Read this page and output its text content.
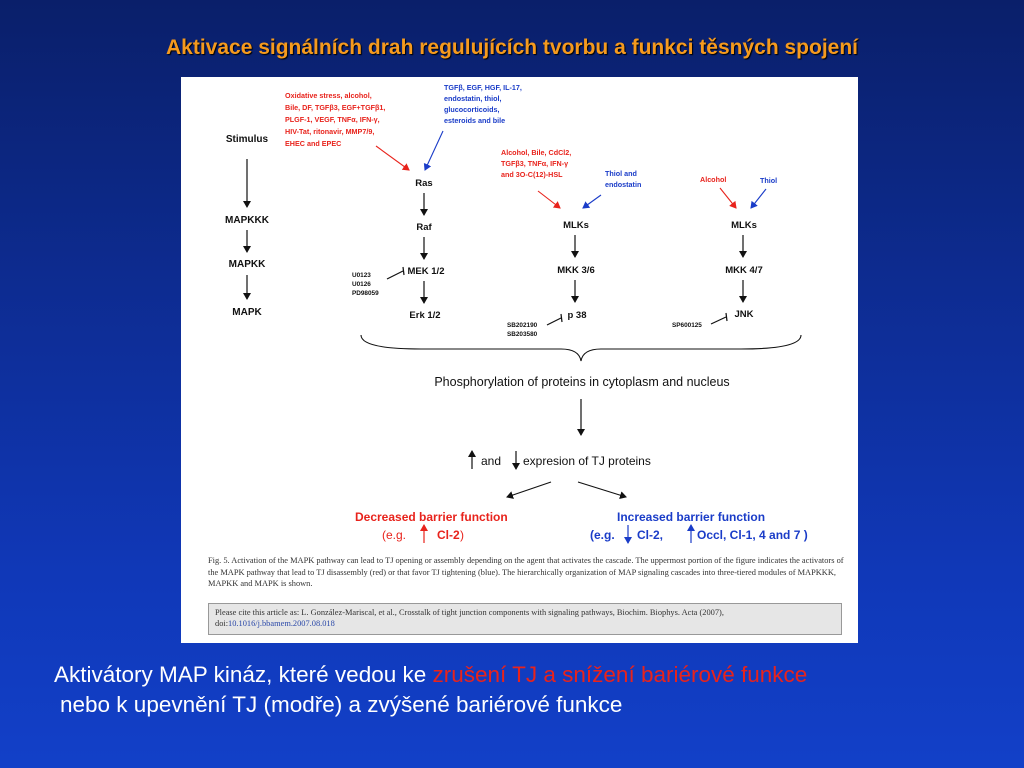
Aktivace signálních drah regulujících tvorbu a funkci těsných spojení
Stimulus
MAPKKK
MAPKK
MAPK
Oxidative stress, alcohol,
Bile, DF, TGFβ3, EGF+TGFβ1,
PLGF-1, VEGF, TNFα, IFN-γ,
HIV-Tat, ritonavir, MMP7/9,
EHEC and EPEC
TGFβ, EGF, HGF, IL-17,
endostatin, thiol,
glucocorticoids,
esteroids and bile
Ras
Raf
MEK 1/2
Erk 1/2
U0123
U0126
PD98059
Alcohol, Bile, CdCl2,
TGFβ3, TNFα, IFN-γ
and 3O-C(12)-HSL	Thiol and
endostatin
MLKs
MKK 3/6
p 38
SB202190
SB203580
Alcohol	Thiol
MLKs
MKK 4/7
JNK
SP600125
Phosphorylation of proteins in cytoplasm and nucleus
and expresion of TJ proteins
Decreased barrier function
(e.g.	Cl-2 )
Increased barrier function
(e.g. Cl-2,	Occl, Cl-1, 4 and 7 )
Fig. 5. Activation of the MAPK pathway can lead to TJ opening or assembly depending on the agent that activates the cascade. The uppermost portion of the figure indicates the activators of the MAPK pathway that lead to TJ disassembly (red) or that favor TJ tightening (blue). The hierarchically organization of MAP signaling cascades into three-tiered modules of MAPKKK, MAPKK and MAPK is shown.
Please cite this article as: L. González-Mariscal, et al., Crosstalk of tight junction components with signaling pathways, Biochim. Biophys. Acta (2007), doi:10.1016/j.bbamem.2007.08.018
Aktivátory MAP kináz, které vedou ke zrušení TJ a snížení bariérové funkce
nebo k upevnění TJ (modře) a zvýšené bariérové funkce
